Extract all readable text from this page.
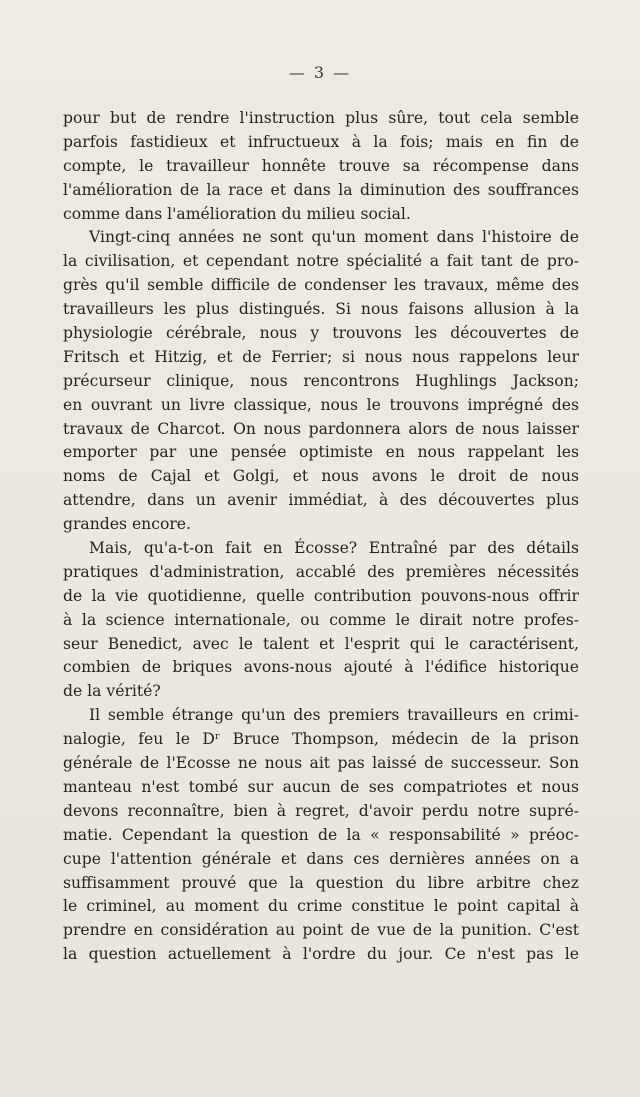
— 3 —
pour but de rendre l'instruction plus sûre, tout cela semble
parfois fastidieux et infructueux à la fois; mais en fin de
compte, le travailleur honnête trouve sa récompense dans
l'amélioration de la race et dans la diminution des souffrances
comme dans l'amélioration du milieu social.
Vingt-cinq années ne sont qu'un moment dans l'histoire de
la civilisation, et cependant notre spécialité a fait tant de pro-
grès qu'il semble difficile de condenser les travaux, même des
travailleurs les plus distingués. Si nous faisons allusion à la
physiologie cérébrale, nous y trouvons les découvertes de
Fritsch et Hitzig, et de Ferrier; si nous nous rappelons leur
précurseur clinique, nous rencontrons Hughlings Jackson;
en ouvrant un livre classique, nous le trouvons imprégné des
travaux de Charcot. On nous pardonnera alors de nous laisser
emporter par une pensée optimiste en nous rappelant les
noms de Cajal et Golgi, et nous avons le droit de nous
attendre, dans un avenir immédiat, à des découvertes plus
grandes encore.
Mais, qu'a-t-on fait en Écosse? Entraîné par des détails
pratiques d'administration, accablé des premières nécessités
de la vie quotidienne, quelle contribution pouvons-nous offrir
à la science internationale, ou comme le dirait notre profes-
seur Benedict, avec le talent et l'esprit qui le caractérisent,
combien de briques avons-nous ajouté à l'édifice historique
de la vérité?
Il semble étrange qu'un des premiers travailleurs en crimi-
nalogie, feu le Dʳ Bruce Thompson, médecin de la prison
générale de l'Ecosse ne nous ait pas laissé de successeur. Son
manteau n'est tombé sur aucun de ses compatriotes et nous
devons reconnaître, bien à regret, d'avoir perdu notre supré-
matie. Cependant la question de la « responsabilité » préoc-
cupe l'attention générale et dans ces dernières années on a
suffisamment prouvé que la question du libre arbitre chez
le criminel, au moment du crime constitue le point capital à
prendre en considération au point de vue de la punition. C'est
la question actuellement à l'ordre du jour. Ce n'est pas le
